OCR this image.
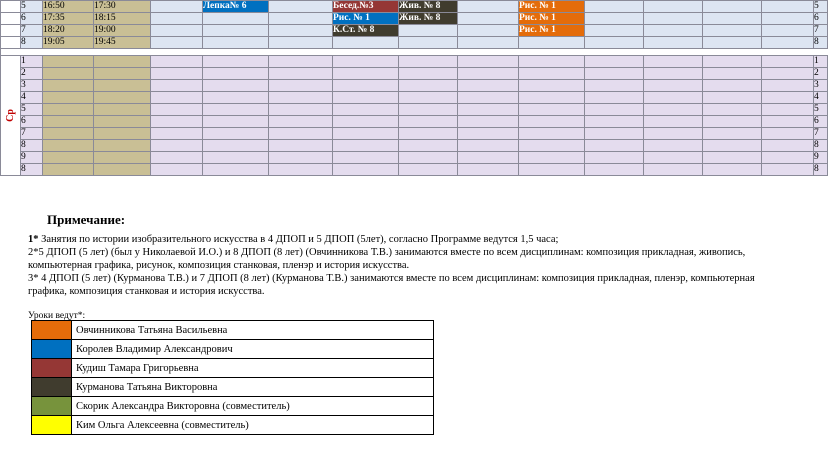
	5	16:50	17:30		Лепка№ 6		Бесед.№3	Жив. № 8		Рис. № 1					5
	6	17:35	18:15				Рис. № 1	Жив. № 8		Рис. № 1					6
	7	18:20	19:00				К.Ст. № 8			Рис. № 1					7
	8	19:05	19:45												8

Ср	1														1
	2														2
	3														3
	4														4
	5														5
	6														6
	7														7
	8														8
	9														9
	8														8
Примечание:
1* Занятия по истории изобразительного искусства в 4 ДПОП и 5 ДПОП (5лет), согласно Программе ведутся 1,5 часа;
2*5 ДПОП (5 лет) (был у Николаевой И.О.) и 8 ДПОП (8 лет) (Овчинникова Т.В.) занимаются вместе по всем дисциплинам: композиция прикладная, живопись,
компьютерная графика, рисунок, композиция станковая, пленэр и история искусства.
3* 4 ДПОП (5 лет) (Курманова Т.В.) и 7 ДПОП (8 лет) (Курманова Т.В.) занимаются вместе по всем дисциплинам: композиция прикладная, пленэр, компьютерная
графика, композиция станковая и история искусства.
Уроки ведут*:
	Овчинникова Татьяна Васильевна
	Королев Владимир Александрович
	Кудиш Тамара Григорьевна
	Курманова Татьяна Викторовна
	Скорик Александра Викторовна (совместитель)
	Ким Ольга Алексеевна (совместитель)
